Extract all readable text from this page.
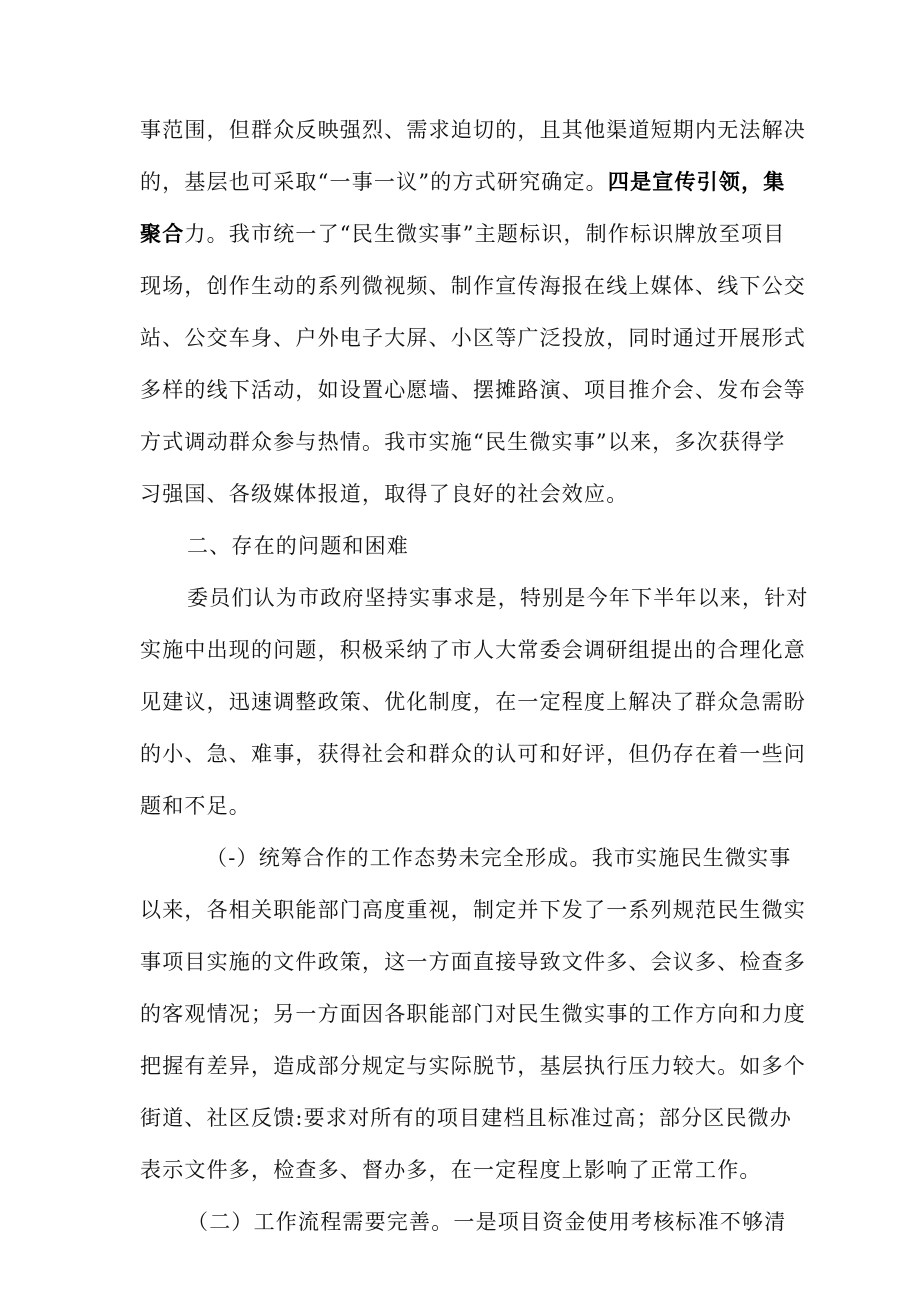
事范围，但群众反映强烈、需求迫切的，且其他渠道短期内无法解决
的，基层也可采取“一事一议”的方式研究确定。四是宣传引领，集
聚合力。我市统一了“民生微实事”主题标识，制作标识牌放至项目
现场，创作生动的系列微视频、制作宣传海报在线上媒体、线下公交
站、公交车身、户外电子大屏、小区等广泛投放，同时通过开展形式
多样的线下活动，如设置心愿墙、摆摊路演、项目推介会、发布会等
方式调动群众参与热情。我市实施“民生微实事”以来，多次获得学
习强国、各级媒体报道，取得了良好的社会效应。
二、存在的问题和困难
委员们认为市政府坚持实事求是，特别是今年下半年以来，针对
实施中出现的问题，积极采纳了市人大常委会调研组提出的合理化意
见建议，迅速调整政策、优化制度，在一定程度上解决了群众急需盼
的小、急、难事，获得社会和群众的认可和好评，但仍存在着一些问
题和不足。
（-）统筹合作的工作态势未完全形成。我市实施民生微实事
以来，各相关职能部门高度重视，制定并下发了一系列规范民生微实
事项目实施的文件政策，这一方面直接导致文件多、会议多、检查多
的客观情况；另一方面因各职能部门对民生微实事的工作方向和力度
把握有差异，造成部分规定与实际脱节，基层执行压力较大。如多个
街道、社区反馈:要求对所有的项目建档且标准过高；部分区民微办
表示文件多，检查多、督办多，在一定程度上影响了正常工作。
（二）工作流程需要完善。一是项目资金使用考核标准不够清
